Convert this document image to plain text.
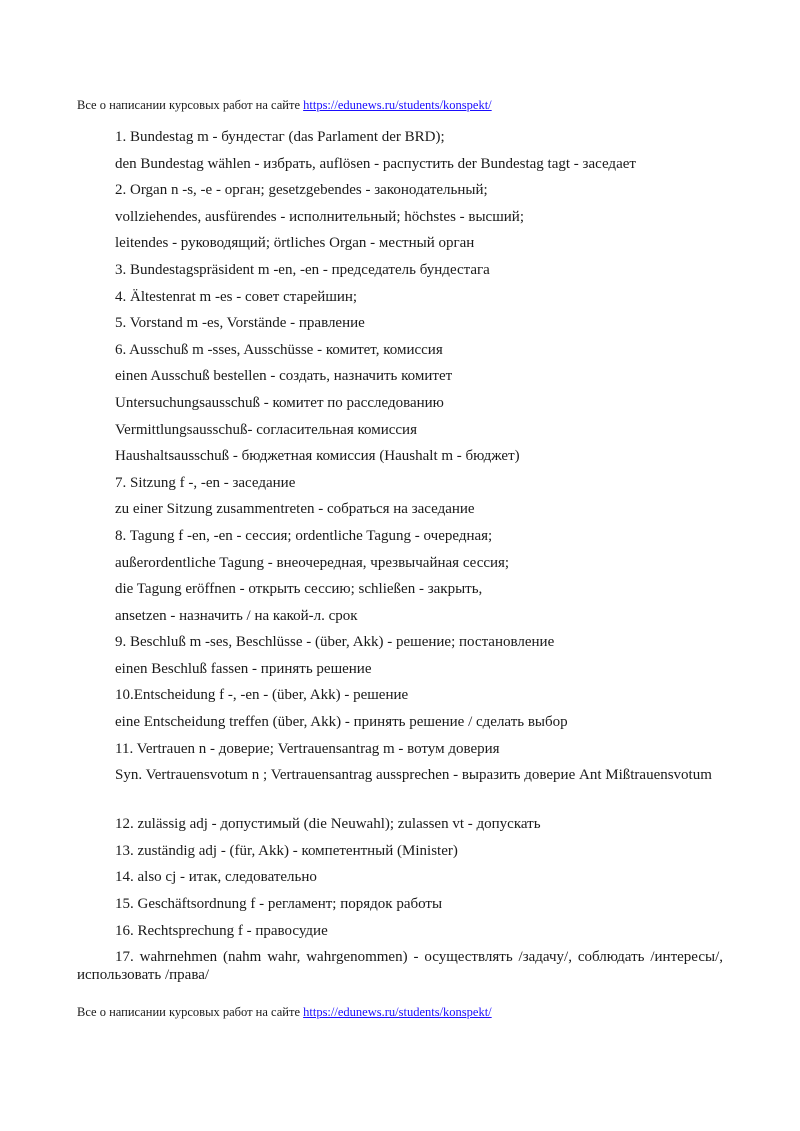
Все о написании курсовых работ на сайте https://edunews.ru/students/konspekt/
1. Bundestag m - бундестаг (das Parlament der BRD);
den Bundestag wählen - избрать, auflösen - распустить der Bundestag tagt - заседает
2. Organ n -s, -e - орган; gesetzgebendes - законодательный;
vollziehendes, ausfürendes - исполнительный; höchstes - высший;
leitendes - руководящий; örtliches Organ - местный орган
3. Bundestagspräsident m -en, -en - председатель бундестага
4. Ältestenrat m -es - совет старейшин;
5. Vorstand m -es, Vorstände - правление
6. Ausschuß m -sses, Ausschüsse - комитет, комиссия
einen Ausschuß bestellen - создать, назначить комитет
Untersuchungsausschuß - комитет по расследованию
Vermittlungsausschuß- согласительная комиссия
Haushaltsausschuß - бюджетная комиссия (Haushalt m - бюджет)
7. Sitzung f -, -en - заседание
zu einer Sitzung zusammentreten - собраться на заседание
8. Tagung f -en, -en - сессия; ordentliche Tagung - очередная;
außerordentliche Tagung - внеочередная, чрезвычайная сессия;
die Tagung eröffnen - открыть сессию; schließen - закрыть,
ansetzen - назначить / на какой-л. срок
9. Beschluß m -ses, Beschlüsse - (über, Akk) - решение; постановление
einen Beschluß fassen - принять решение
10.Entscheidung f -, -en - (über, Akk) - решение
eine Entscheidung treffen (über, Akk) - принять решение / сделать выбор
11. Vertrauen n - доверие; Vertrauensantrag m - вотум доверия
Syn. Vertrauensvotum n ; Vertrauensantrag aussprechen - выразить доверие Ant Mißtrauensvotum
12. zulässig adj - допустимый (die Neuwahl); zulassen vt - допускать
13. zuständig adj - (für, Akk) - компетентный (Minister)
14. also cj - итак, следовательно
15. Geschäftsordnung f - регламент; порядок работы
16. Rechtsprechung f - правосудие
17. wahrnehmen (nahm wahr, wahrgenommen) - осуществлять /задачу/, соблюдать /интересы/, использовать /права/
Все о написании курсовых работ на сайте https://edunews.ru/students/konspekt/
